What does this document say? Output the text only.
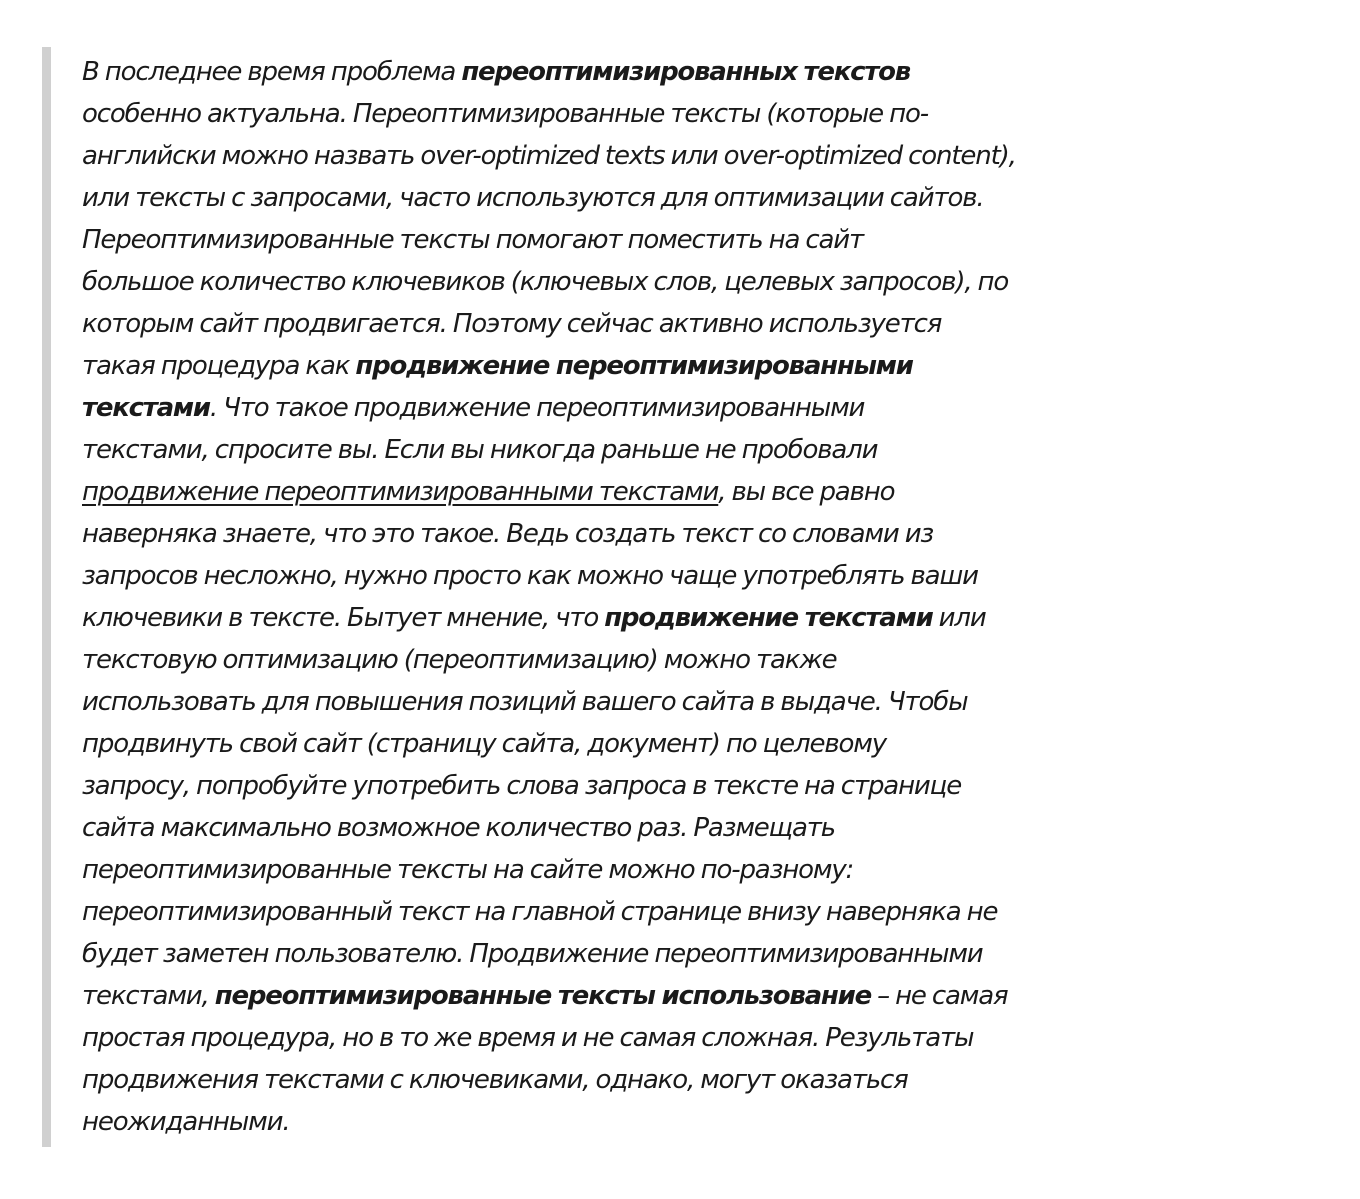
В последнее время проблема переоптимизированных текстов
особенно актуальна. Переоптимизированные тексты (которые по-
английски можно назвать over-optimized texts или over-optimized content),
или тексты с запросами, часто используются для оптимизации сайтов.
Переоптимизированные тексты помогают поместить на сайт
большое количество ключевиков (ключевых слов, целевых запросов), по
которым сайт продвигается. Поэтому сейчас активно используется
такая процедура как продвижение переоптимизированными
текстами. Что такое продвижение переоптимизированными
текстами, спросите вы. Если вы никогда раньше не пробовали
продвижение переоптимизированными текстами, вы все равно
наверняка знаете, что это такое. Ведь создать текст со словами из
запросов несложно, нужно просто как можно чаще употреблять ваши
ключевики в тексте. Бытует мнение, что продвижение текстами или
текстовую оптимизацию (переоптимизацию) можно также
использовать для повышения позиций вашего сайта в выдаче. Чтобы
продвинуть свой сайт (страницу сайта, документ) по целевому
запросу, попробуйте употребить слова запроса в тексте на странице
сайта максимально возможное количество раз. Размещать
переоптимизированные тексты на сайте можно по-разному:
переоптимизированный текст на главной странице внизу наверняка не
будет заметен пользователю. Продвижение переоптимизированными
текстами, переоптимизированные тексты использование – не самая
простая процедура, но в то же время и не самая сложная. Результаты
продвижения текстами с ключевиками, однако, могут оказаться
неожиданными.
